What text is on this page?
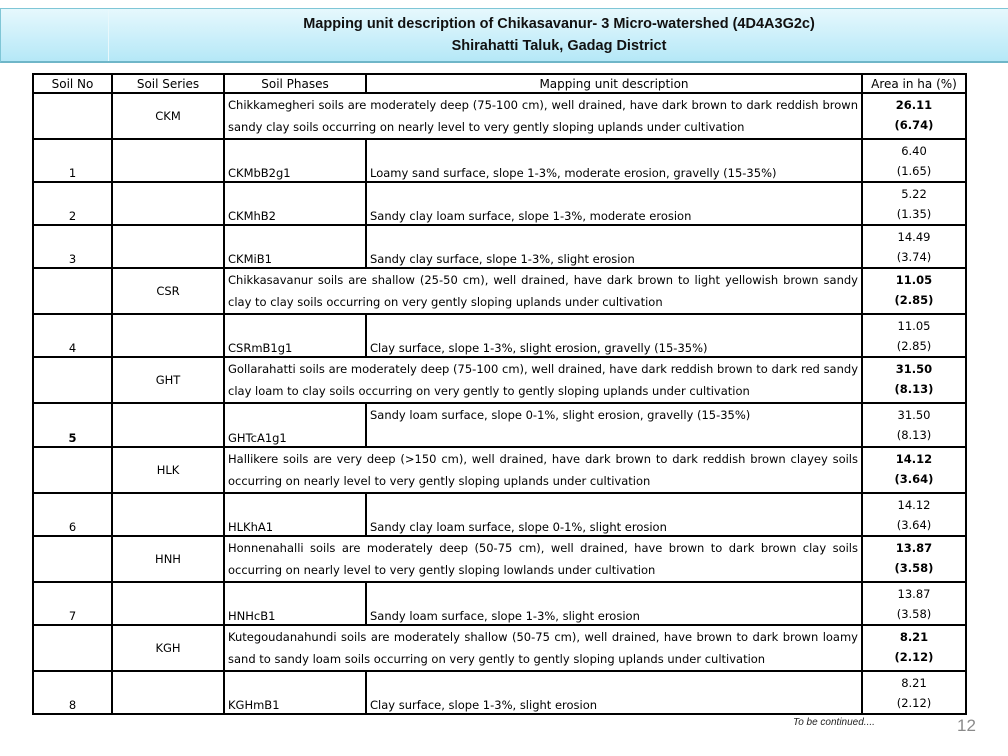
Mapping unit description of Chikasavanur- 3 Micro-watershed (4D4A3G2c)
Shirahatti Taluk, Gadag District
Soil No	Soil Series	Soil Phases	Mapping unit description	Area in ha (%)
	CKM	Chikkamegheri soils are moderately deep (75-100 cm), well drained, have dark brown to dark reddish brown sandy clay soils occurring on nearly level to very gently sloping uplands under cultivation		26.11
(6.74)

1		CKMbB2g1	Loamy sand surface, slope 1-3%, moderate erosion, gravelly (15-35%)	6.40
(1.65)

2		CKMhB2	Sandy clay loam surface, slope 1-3%, moderate erosion	5.22
(1.35)

3		CKMiB1	Sandy clay surface, slope 1-3%, slight erosion	14.49
(3.74)

	CSR	Chikkasavanur soils are shallow (25-50 cm), well drained, have dark brown to light yellowish brown sandy clay to clay soils occurring on very gently sloping uplands under cultivation		11.05
(2.85)

4		CSRmB1g1	Clay surface, slope 1-3%, slight erosion, gravelly (15-35%)	11.05
(2.85)

	GHT	Gollarahatti soils are moderately deep (75-100 cm), well drained, have dark reddish brown to dark red sandy clay loam to clay soils occurring on very gently to gently sloping uplands under cultivation		31.50
(8.13)

5		GHTcA1g1	Sandy loam surface, slope 0-1%, slight erosion, gravelly (15-35%)	31.50
(8.13)

	HLK	Hallikere soils are very deep (>150 cm), well drained, have dark brown to dark reddish brown clayey soils occurring on nearly level to very gently sloping uplands under cultivation		14.12
(3.64)

6		HLKhA1	Sandy clay loam surface, slope 0-1%, slight erosion	14.12
(3.64)

	HNH	Honnenahalli soils are moderately deep (50-75 cm), well drained, have brown to dark brown clay soils occurring on nearly level to very gently sloping lowlands under cultivation		13.87
(3.58)

7		HNHcB1	Sandy loam surface, slope 1-3%, slight erosion	13.87
(3.58)

	KGH	Kutegoudanahundi soils are moderately shallow (50-75 cm), well drained, have brown to dark brown loamy sand to sandy loam soils occurring on very gently to gently sloping uplands under cultivation		8.21
(2.12)

8		KGHmB1	Clay surface, slope 1-3%, slight erosion	8.21
(2.12)
To be continued....	12
